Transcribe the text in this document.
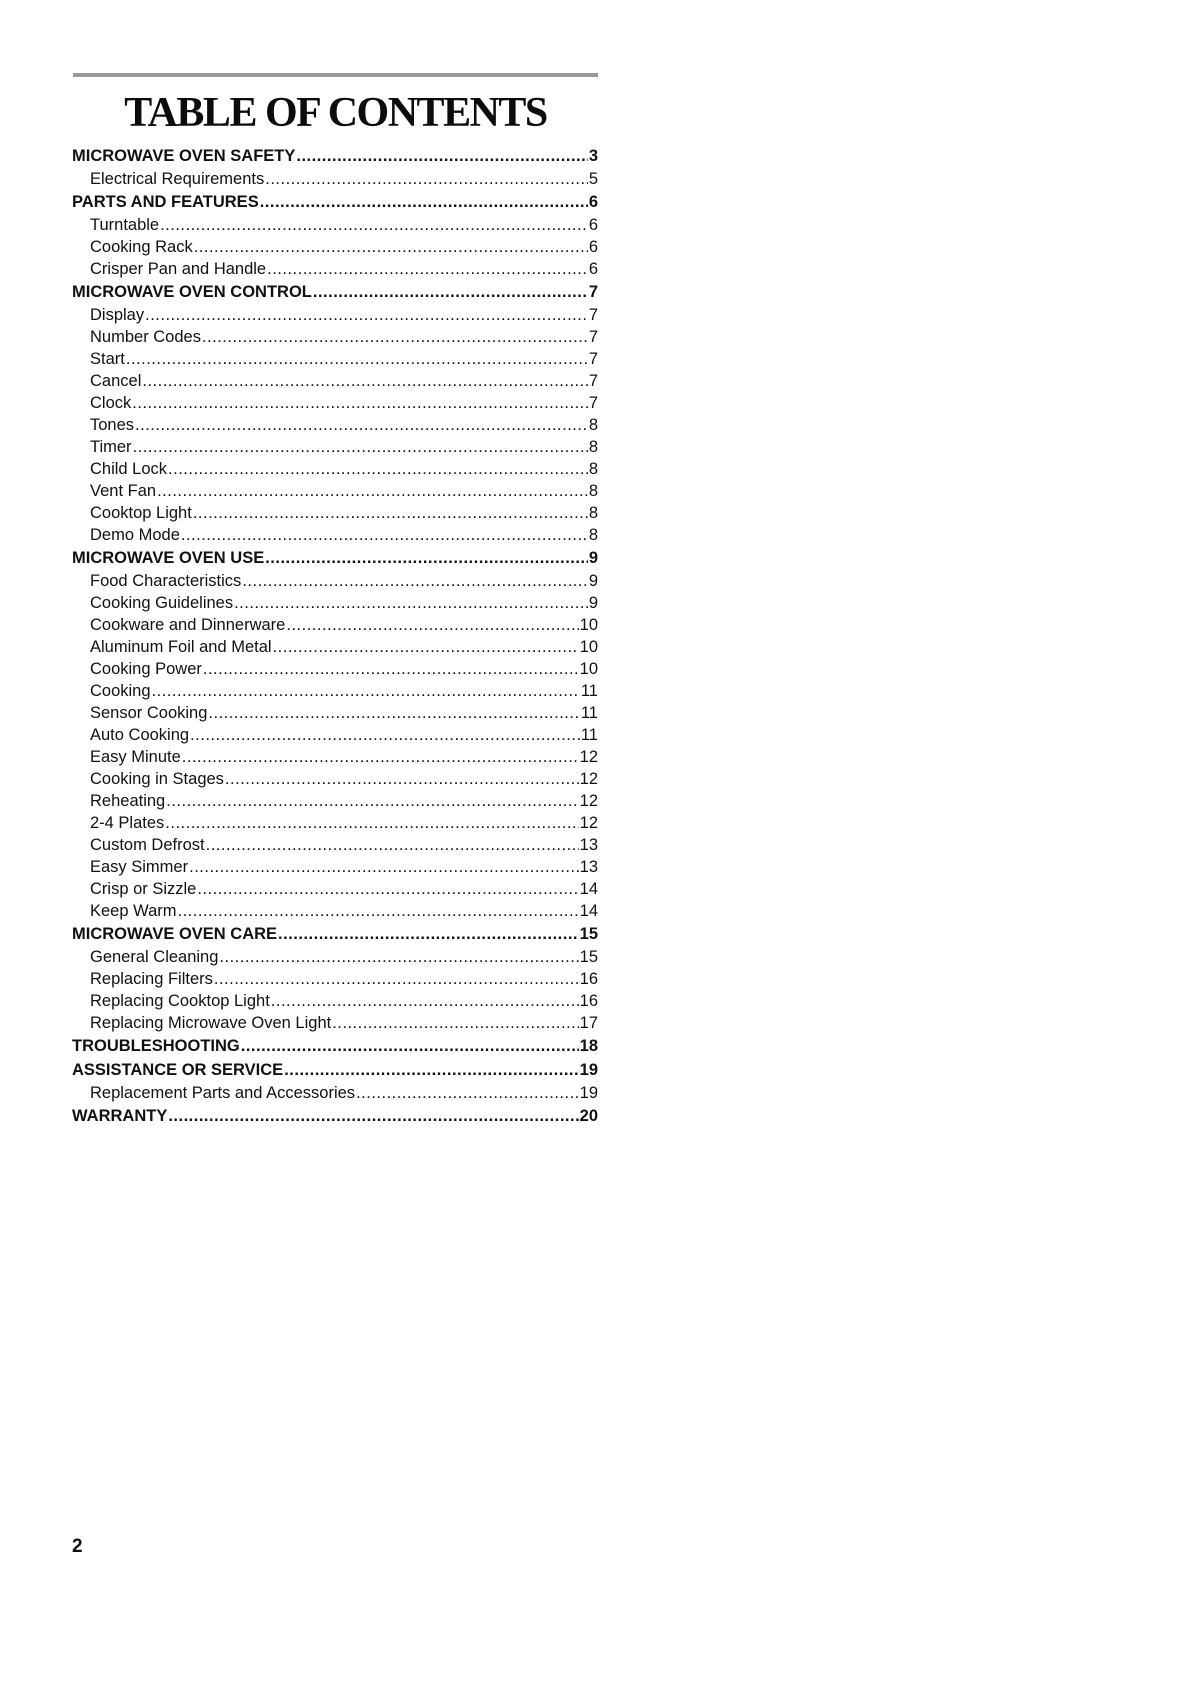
TABLE OF CONTENTS
MICROWAVE OVEN SAFETY .....	3
Electrical Requirements .....	5
PARTS AND FEATURES .....	6
Turntable .....	6
Cooking Rack .....	6
Crisper Pan and Handle .....	6
MICROWAVE OVEN CONTROL .....	7
Display .....	7
Number Codes .....	7
Start .....	7
Cancel .....	7
Clock .....	7
Tones .....	8
Timer .....	8
Child Lock .....	8
Vent Fan .....	8
Cooktop Light .....	8
Demo Mode .....	8
MICROWAVE OVEN USE .....	9
Food Characteristics .....	9
Cooking Guidelines .....	9
Cookware and Dinnerware .....	10
Aluminum Foil and Metal .....	10
Cooking Power .....	10
Cooking .....	11
Sensor Cooking .....	11
Auto Cooking .....	11
Easy Minute .....	12
Cooking in Stages .....	12
Reheating .....	12
2-4 Plates .....	12
Custom Defrost .....	13
Easy Simmer .....	13
Crisp or Sizzle .....	14
Keep Warm .....	14
MICROWAVE OVEN CARE .....	15
General Cleaning .....	15
Replacing Filters .....	16
Replacing Cooktop Light .....	16
Replacing Microwave Oven Light .....	17
TROUBLESHOOTING .....	18
ASSISTANCE OR SERVICE .....	19
Replacement Parts and Accessories .....	19
WARRANTY .....	20
2
